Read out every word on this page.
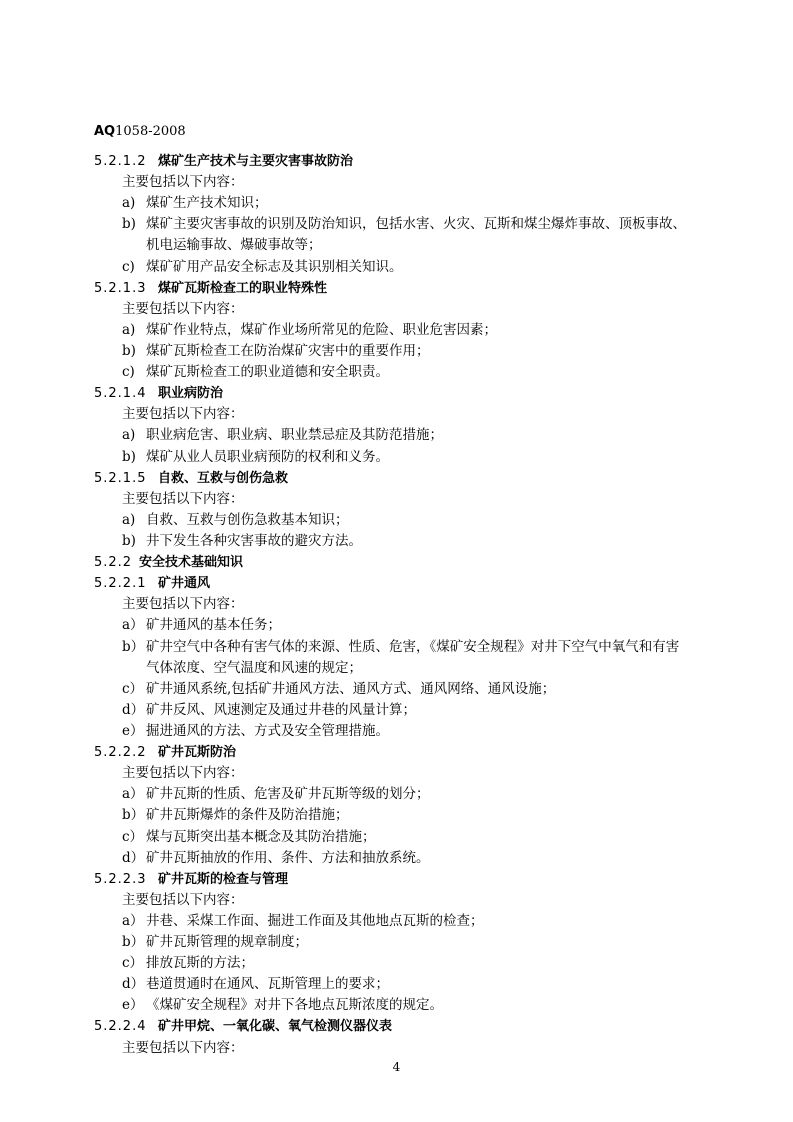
AQ1058-2008
5.2.1.2 煤矿生产技术与主要灾害事故防治
主要包括以下内容：
a) 煤矿生产技术知识；
b) 煤矿主要灾害事故的识别及防治知识，包括水害、火灾、瓦斯和煤尘爆炸事故、顶板事故、
机电运输事故、爆破事故等；
c) 煤矿矿用产品安全标志及其识别相关知识。
5.2.1.3 煤矿瓦斯检查工的职业特殊性
主要包括以下内容：
a) 煤矿作业特点，煤矿作业场所常见的危险、职业危害因素；
b) 煤矿瓦斯检查工在防治煤矿灾害中的重要作用；
c) 煤矿瓦斯检查工的职业道德和安全职责。
5.2.1.4 职业病防治
主要包括以下内容：
a) 职业病危害、职业病、职业禁忌症及其防范措施；
b) 煤矿从业人员职业病预防的权利和义务。
5.2.1.5 自救、互救与创伤急救
主要包括以下内容：
a) 自救、互救与创伤急救基本知识；
b) 井下发生各种灾害事故的避灾方法。
5.2.2 安全技术基础知识
5.2.2.1 矿井通风
主要包括以下内容：
a） 矿井通风的基本任务；
b） 矿井空气中各种有害气体的来源、性质、危害，《煤矿安全规程》对井下空气中氧气和有害
气体浓度、空气温度和风速的规定；
c） 矿井通风系统,包括矿井通风方法、通风方式、通风网络、通风设施；
d） 矿井反风、风速测定及通过井巷的风量计算；
e） 掘进通风的方法、方式及安全管理措施。
5.2.2.2 矿井瓦斯防治
主要包括以下内容：
a） 矿井瓦斯的性质、危害及矿井瓦斯等级的划分；
b） 矿井瓦斯爆炸的条件及防治措施；
c） 煤与瓦斯突出基本概念及其防治措施；
d） 矿井瓦斯抽放的作用、条件、方法和抽放系统。
5.2.2.3 矿井瓦斯的检查与管理
主要包括以下内容：
a） 井巷、采煤工作面、掘进工作面及其他地点瓦斯的检查；
b） 矿井瓦斯管理的规章制度；
c） 排放瓦斯的方法；
d） 巷道贯通时在通风、瓦斯管理上的要求；
e） 《煤矿安全规程》对井下各地点瓦斯浓度的规定。
5.2.2.4 矿井甲烷、一氧化碳、氧气检测仪器仪表
主要包括以下内容：
4
